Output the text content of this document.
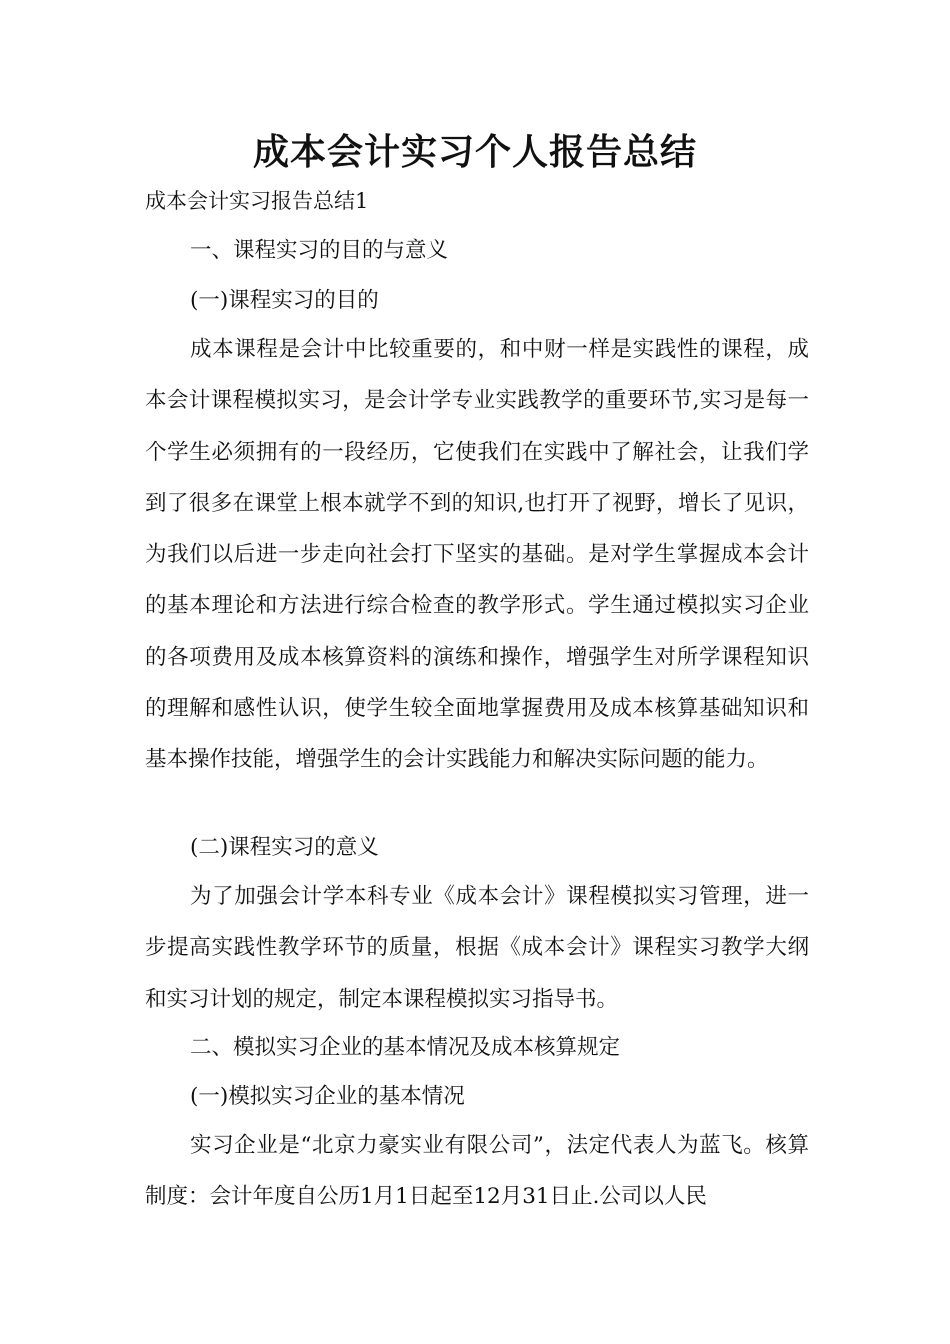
成本会计实习个人报告总结

成本会计实习报告总结1

一、课程实习的目的与意义

(一)课程实习的目的

成本课程是会计中比较重要的，和中财一样是实践性的课程，成本会计课程模拟实习，是会计学专业实践教学的重要环节,实习是每一个学生必须拥有的一段经历，它使我们在实践中了解社会，让我们学到了很多在课堂上根本就学不到的知识,也打开了视野，增长了见识，为我们以后进一步走向社会打下坚实的基础。是对学生掌握成本会计的基本理论和方法进行综合检查的教学形式。学生通过模拟实习企业的各项费用及成本核算资料的演练和操作，增强学生对所学课程知识的理解和感性认识，使学生较全面地掌握费用及成本核算基础知识和基本操作技能，增强学生的会计实践能力和解决实际问题的能力。

(二)课程实习的意义

为了加强会计学本科专业《成本会计》课程模拟实习管理，进一步提高实践性教学环节的质量，根据《成本会计》课程实习教学大纲和实习计划的规定，制定本课程模拟实习指导书。

二、模拟实习企业的基本情况及成本核算规定

(一)模拟实习企业的基本情况

实习企业是“北京力豪实业有限公司”，法定代表人为蓝飞。核算制度：会计年度自公历1月1日起至12月31日止.公司以人民
